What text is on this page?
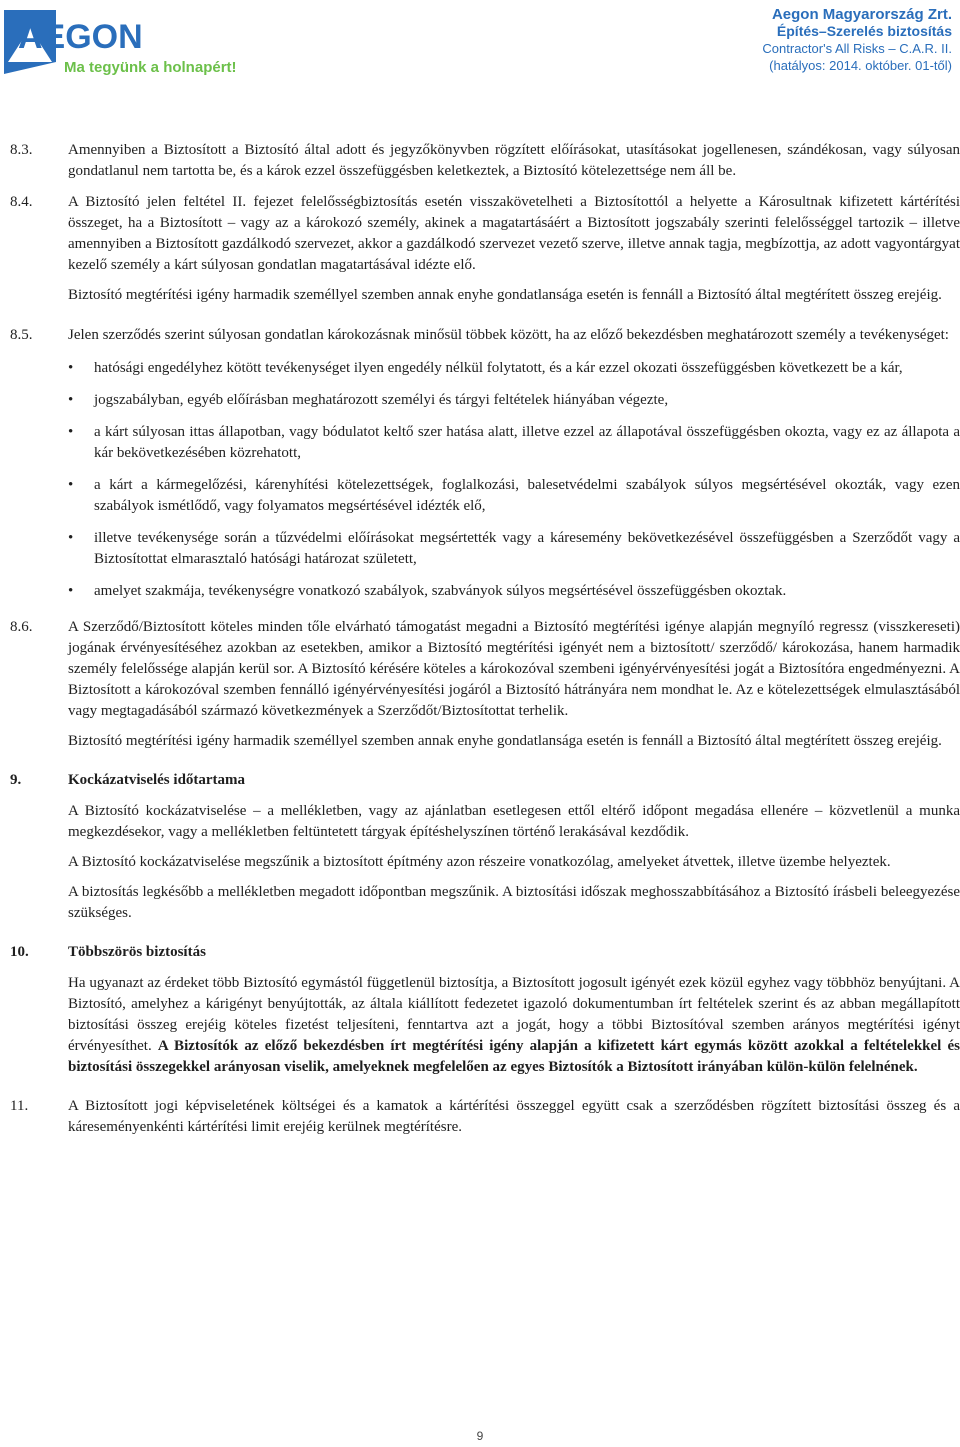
AEGON
Ma tegyünk a holnapért!
Aegon Magyarország Zrt.
Építés–Szerelés biztosítás
Contractor's All Risks – C.A.R. II.
(hatályos: 2014. október. 01-től)
8.3. Amennyiben a Biztosított a Biztosító által adott és jegyzőkönyvben rögzített előírásokat, utasításokat jogellenesen, szándékosan, vagy súlyosan gondatlanul nem tartotta be, és a károk ezzel összefüggésben keletkeztek, a Biztosító kötelezettsége nem áll be.

8.4. A Biztosító jelen feltétel II. fejezet felelősségbiztosítás esetén visszakövetelheti a Biztosítottól a helyette a Károsultnak kifizetett kártérítési összeget, ha a Biztosított – vagy az a károkozó személy, akinek a magatartásáért a Biztosított jogszabály szerinti felelősséggel tartozik – illetve amennyiben a Biztosított gazdálkodó szervezet, akkor a gazdálkodó szervezet vezető szerve, illetve annak tagja, megbízottja, az adott vagyontárgyat kezelő személy a kárt súlyosan gondatlan magatartásával idézte elő.

Biztosító megtérítési igény harmadik személlyel szemben annak enyhe gondatlansága esetén is fennáll a Biztosító által megtérített összeg erejéig.

8.5. Jelen szerződés szerint súlyosan gondatlan károkozásnak minősül többek között, ha az előző bekezdésben meghatározott személy a tevékenységet:

• hatósági engedélyhez kötött tevékenységet ilyen engedély nélkül folytatott, és a kár ezzel okozati összefüggésben következett be a kár,
• jogszabályban, egyéb előírásban meghatározott személyi és tárgyi feltételek hiányában végezte,
• a kárt súlyosan ittas állapotban, vagy bódulatot keltő szer hatása alatt, illetve ezzel az állapotával összefüggésben okozta, vagy ez az állapota a kár bekövetkezésében közrehatott,
• a kárt a kármegelőzési, kárenyhítési kötelezettségek, foglalkozási, balesetvédelmi szabályok súlyos megsértésével okozták, vagy ezen szabályok ismétlődő, vagy folyamatos megsértésével idézték elő,
• illetve tevékenysége során a tűzvédelmi előírásokat megsértették vagy a káresemény bekövetkezésével összefüggésben a Szerződőt vagy a Biztosítottat elmarasztaló hatósági határozat született,
• amelyet szakmája, tevékenységre vonatkozó szabályok, szabványok súlyos megsértésével összefüggésben okoztak.
8.6. A Szerződő/Biztosított köteles minden tőle elvárható támogatást megadni a Biztosító megtérítési igénye alapján megnyíló regressz (visszkereseti) jogának érvényesítéséhez azokban az esetekben, amikor a Biztosító megtérítési igényét nem a biztosított/ szerződő/ károkozása, hanem harmadik személy felelőssége alapján kerül sor. A Biztosító kérésére köteles a károkozóval szembeni igényérvényesítési jogát a Biztosítóra engedményezni. A Biztosított a károkozóval szemben fennálló igényérvényesítési jogáról a Biztosító hátrányára nem mondhat le. Az e kötelezettségek elmulasztásából vagy megtagadásából származó következmények a Szerződőt/Biztosítottat terhelik.

Biztosító megtérítési igény harmadik személlyel szemben annak enyhe gondatlansága esetén is fennáll a Biztosító által megtérített összeg erejéig.

9.	Kockázatviselés időtartama

A Biztosító kockázatviselése – a mellékletben, vagy az ajánlatban esetlegesen ettől eltérő időpont megadása ellenére – közvetlenül a munka megkezdésekor, vagy a mellékletben feltüntetett tárgyak építéshelyszínen történő lerakásával kezdődik.

A Biztosító kockázatviselése megszűnik a biztosított építmény azon részeire vonatkozólag, amelyeket átvettek, illetve üzembe helyeztek.

A biztosítás legkésőbb a mellékletben megadott időpontban megszűnik. A biztosítási időszak meghosszabbításához a Biztosító írásbeli beleegyezése szükséges.

10.	Többszörös biztosítás

Ha ugyanazt az érdeket több Biztosító egymástól függetlenül biztosítja, a Biztosított jogosult igényét ezek közül egyhez vagy többhöz benyújtani. A Biztosító, amelyhez a kárigényt benyújtották, az általa kiállított fedezetet igazoló dokumentumban írt feltételek szerint és az abban megállapított biztosítási összeg erejéig köteles fizetést teljesíteni, fenntartva azt a jogát, hogy a többi Biztosítóval szemben arányos megtérítési igényt érvényesíthet. A Biztosítók az előző bekezdésben írt megtérítési igény alapján a kifizetett kárt egymás között azokkal a feltételekkel és biztosítási összegekkel arányosan viselik, amelyeknek megfelelően az egyes Biztosítók a Biztosított irányában külön-külön felelnének.

11.	A Biztosított jogi képviseletének költségei és a kamatok a kártérítési összeggel együtt csak a szerződésben rögzített biztosítási összeg és a káreseményenkénti kártérítési limit erejéig kerülnek megtérítésre.

9
